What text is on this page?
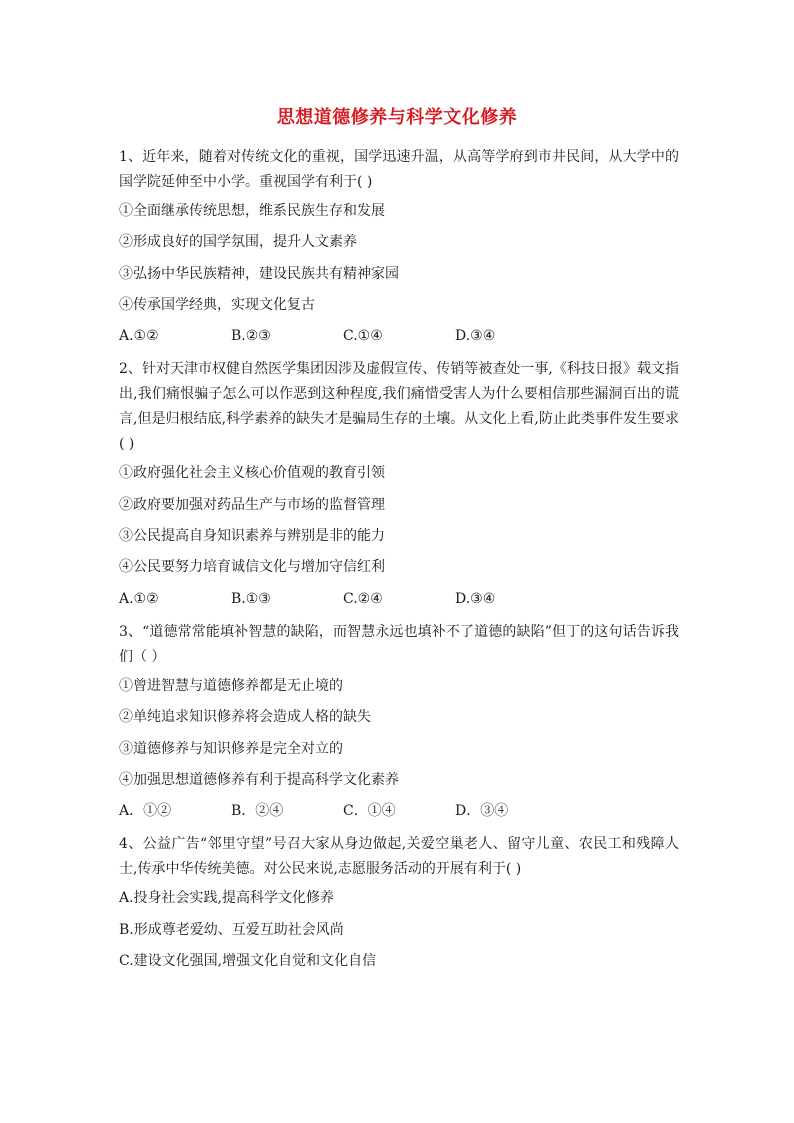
思想道德修养与科学文化修养
1、近年来，随着对传统文化的重视，国学迅速升温，从高等学府到市井民间，从大学中的国学院延伸至中小学。重视国学有利于( )
①全面继承传统思想，维系民族生存和发展
②形成良好的国学氛围，提升人文素养
③弘扬中华民族精神，建设民族共有精神家园
④传承国学经典，实现文化复古
A.①②	B.②③	C.①④	D.③④
2、针对天津市权健自然医学集团因涉及虚假宣传、传销等被查处一事,《科技日报》载文指出,我们痛恨骗子怎么可以作恶到这种程度,我们痛惜受害人为什么要相信那些漏洞百出的谎言,但是归根结底,科学素养的缺失才是骗局生存的土壤。从文化上看,防止此类事件发生要求( )
①政府强化社会主义核心价值观的教育引领
②政府要加强对药品生产与市场的监督管理
③公民提高自身知识素养与辨别是非的能力
④公民要努力培育诚信文化与增加守信红利
A.①②	B.①③	C.②④	D.③④
3、“道德常常能填补智慧的缺陷，而智慧永远也填补不了道德的缺陷”但丁的这句话告诉我们（ ）
①曾进智慧与道德修养都是无止境的
②单纯追求知识修养将会造成人格的缺失
③道德修养与知识修养是完全对立的
④加强思想道德修养有利于提高科学文化素养
A．①②	B．②④	C．①④	D．③④
4、公益广告“邻里守望”号召大家从身边做起,关爱空巢老人、留守儿童、农民工和残障人士,传承中华传统美德。对公民来说,志愿服务活动的开展有利于( )
A.投身社会实践,提高科学文化修养
B.形成尊老爱幼、互爱互助社会风尚
C.建设文化强国,增强文化自觉和文化自信
